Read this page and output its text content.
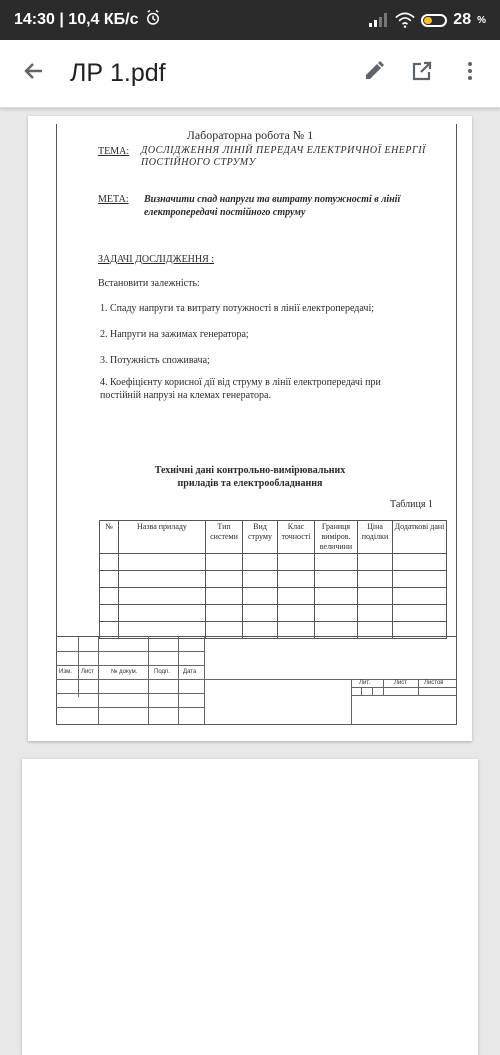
14:30 | 10,4 КБ/с	28 %
ЛР 1.pdf
Лабораторна робота № 1
ТЕМА: ДОСЛІДЖЕННЯ ЛІНІЙ ПЕРЕДАЧ ЕЛЕКТРИЧНОЇ ЕНЕРГІЇ ПОСТІЙНОГО СТРУМУ
МЕТА: Визначити спад напруги та витрату потужності в лінії електропередачі постійного струму
ЗАДАЧІ ДОСЛІДЖЕННЯ :
Встановити залежність:
1. Спаду напруги та витрату потужності в лінії електропередачі;
2. Напруги на зажимах генератора;
3. Потужність споживача;
4. Коефіцієнту корисної дії від струму в лінії електропередачі при постійній напрузі на клемах генератора.
Технічні дані контрольно-вимірювальних
приладів та електрообладнання
Таблиця 1
№	Назва приладу	Тип системи	Вид струму	Клас точності	Границя виміров. величини	Ціна поділки	Додаткові дані

Изм. Лист	№ докум.	Подп. Дата
Лит.	Лист	Листов
